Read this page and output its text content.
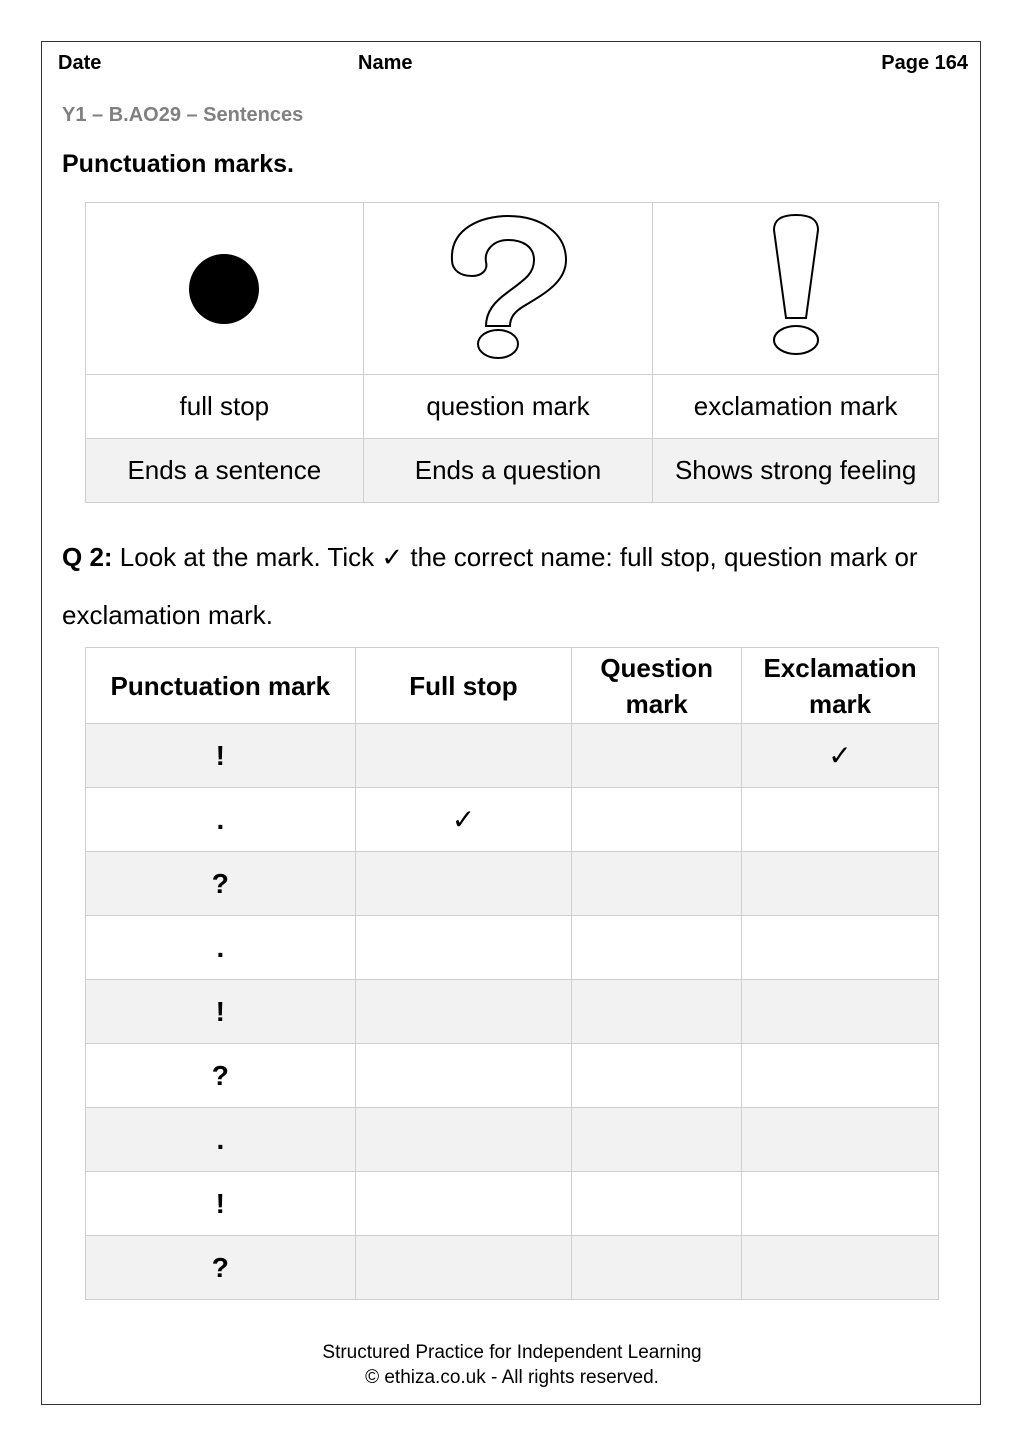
Date	Name	Page 164
Y1 – B.AO29 – Sentences
Punctuation marks.

full stop	question mark	exclamation mark
Ends a sentence	Ends a question	Shows strong feeling
Q 2: Look at the mark. Tick ✓ the correct name: full stop, question mark or exclamation mark.
Punctuation mark	Full stop	Question mark	Exclamation mark
!			✓
.	✓		
?			
.			
!			
?			
.			
!			
?			
Structured Practice for Independent Learning
© ethiza.co.uk - All rights reserved.
